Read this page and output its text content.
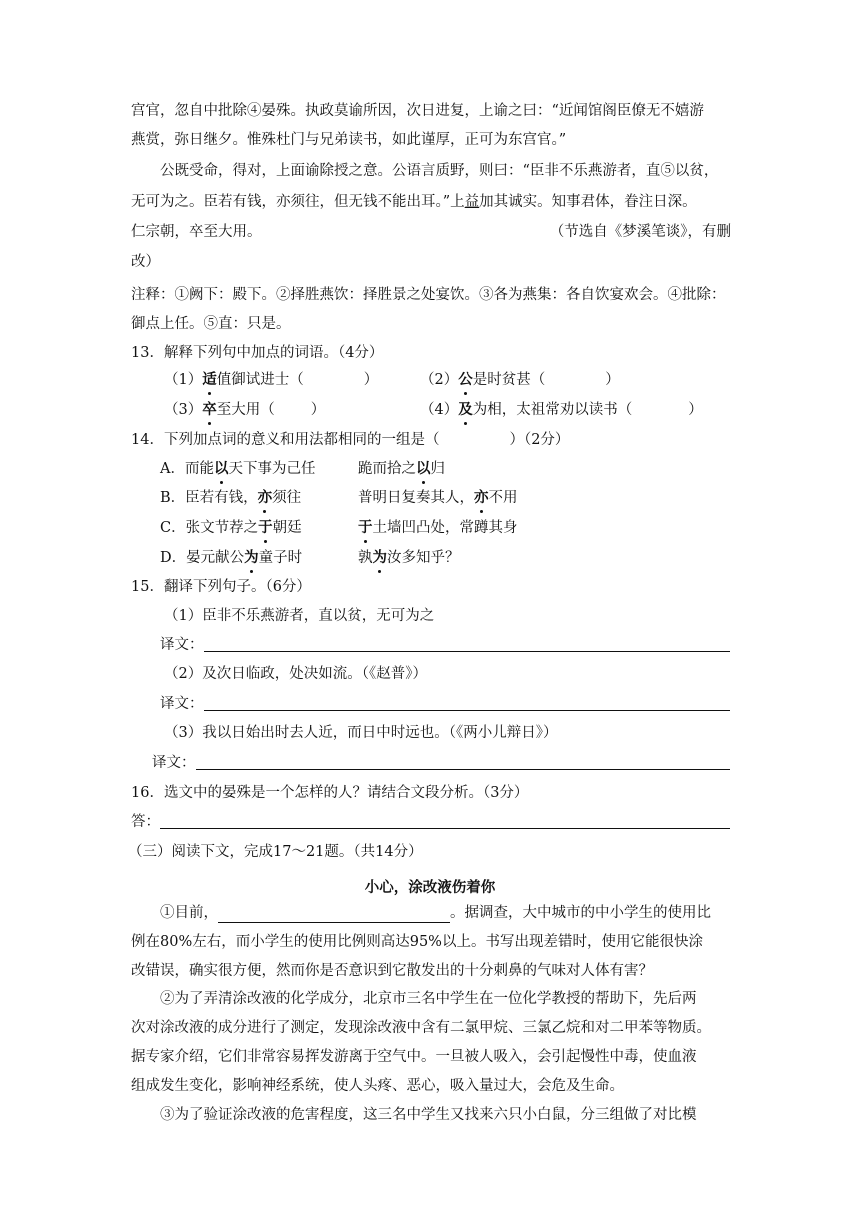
宫官，忽自中批除④晏殊。执政莫谕所因，次日进复，上谕之曰：“近闻馆阁臣僚无不嬉游
燕赏，弥日继夕。惟殊杜门与兄弟读书，如此谨厚，正可为东宫官。”
公既受命，得对，上面谕除授之意。公语言质野，则曰：“臣非不乐燕游者，直⑤以贫，
无可为之。臣若有钱，亦须往，但无钱不能出耳。”上益加其诚实。知事君体，眷注日深。
仁宗朝，卒至大用。	（节选自《梦溪笔谈》，有删
改）
注释：①阙下：殿下。②择胜燕饮：择胜景之处宴饮。③各为燕集：各自饮宴欢会。④批除：
御点上任。⑤直：只是。
13．解释下列句中加点的词语。（4分）
（1）适值御试进士（	）	（2）公是时贫甚（	）
（3）卒至大用（ ）	（4）及为相，太祖常劝以读书（	）
14．下列加点词的意义和用法都相同的一组是（	）（2分）
A．而能以天下事为己任	跪而拾之以归
B．臣若有钱，亦须往	普明日复奏其人，亦不用
C．张文节荐之于朝廷	于土墙凹凸处，常蹲其身
D．晏元献公为童子时	孰为汝多知乎？
15．翻译下列句子。（6分）
（1）臣非不乐燕游者，直以贫，无可为之
译文：
（2）及次日临政，处决如流。（《赵普》）
译文：
（3）我以日始出时去人近，而日中时远也。（《两小儿辩日》）
译文：
16．选文中的晏殊是一个怎样的人？请结合文段分析。（3分）
答：
（三）阅读下文，完成17～21题。（共14分）
小心，涂改液伤着你
①目前，	。据调查，大中城市的中小学生的使用比
例在80%左右，而小学生的使用比例则高达95%以上。书写出现差错时，使用它能很快涂
改错误，确实很方便，然而你是否意识到它散发出的十分刺鼻的气味对人体有害？
②为了弄清涂改液的化学成分，北京市三名中学生在一位化学教授的帮助下，先后两
次对涂改液的成分进行了测定，发现涂改液中含有二氯甲烷、三氯乙烷和对二甲苯等物质。
据专家介绍，它们非常容易挥发游离于空气中。一旦被人吸入，会引起慢性中毒，使血液
组成发生变化，影响神经系统，使人头疼、恶心，吸入量过大，会危及生命。
③为了验证涂改液的危害程度，这三名中学生又找来六只小白鼠，分三组做了对比模
